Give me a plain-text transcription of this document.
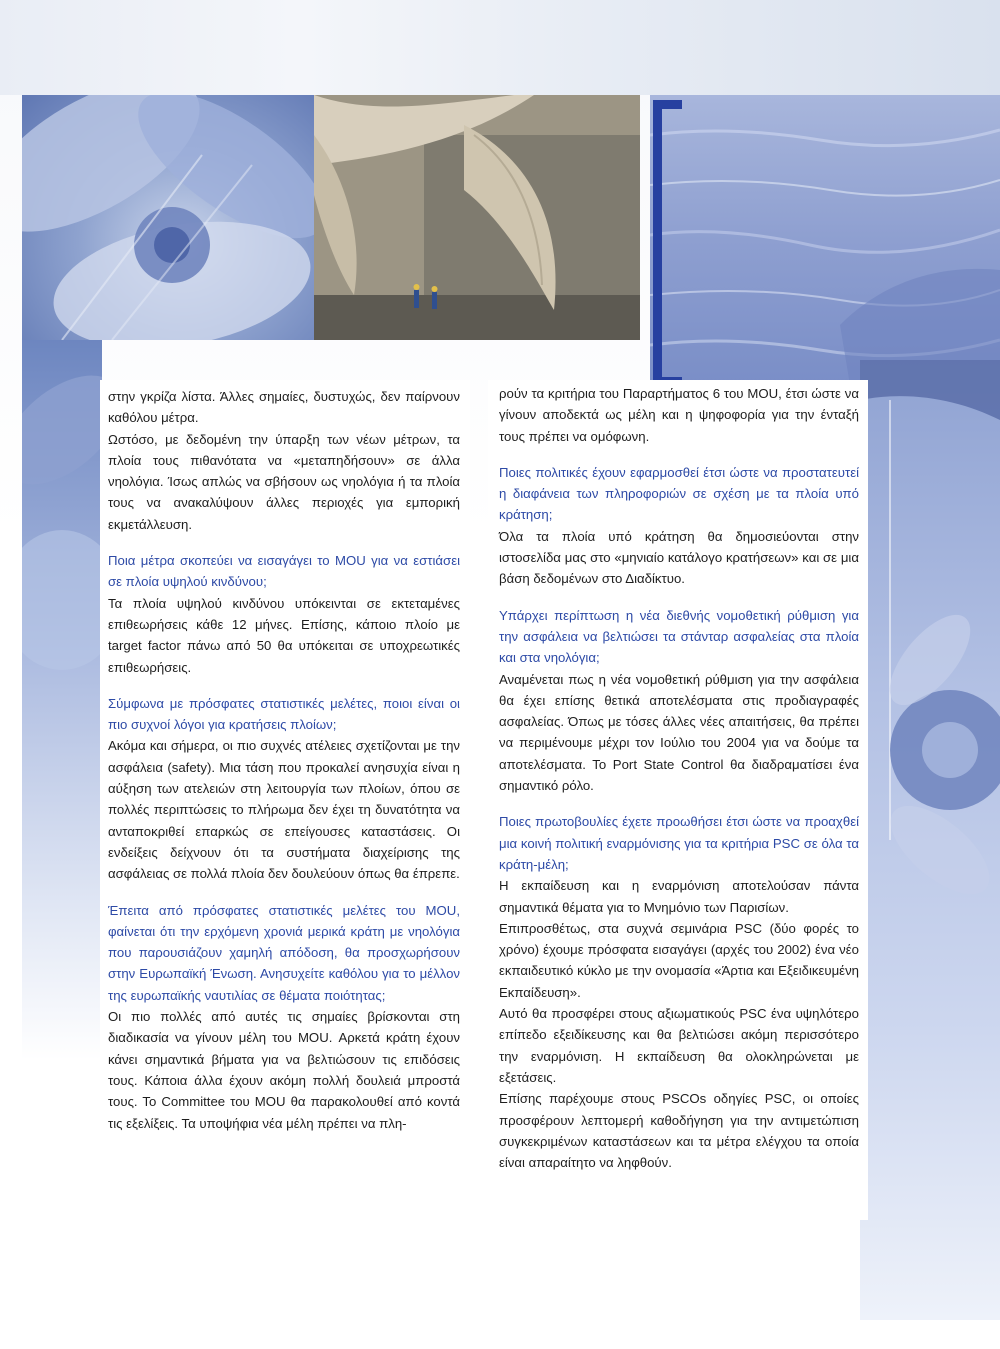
στην γκρίζα λίστα. Άλλες σημαίες, δυστυχώς, δεν παίρνουν καθόλου μέτρα.

Ωστόσο, με δεδομένη την ύπαρξη των νέων μέτρων, τα πλοία τους πιθανότατα να «μεταπηδήσουν» σε άλλα νηολόγια. Ίσως απλώς να σβήσουν ως νηολόγια ή τα πλοία τους να ανακαλύψουν άλλες περιοχές για εμπορική εκμετάλλευση.

Ποια μέτρα σκοπεύει να εισαγάγει το MOU για να εστιάσει σε πλοία υψηλού κινδύνου;

Τα πλοία υψηλού κινδύνου υπόκεινται σε εκτεταμένες επιθεωρήσεις κάθε 12 μήνες. Επίσης, κάποιο πλοίο με target factor πάνω από 50 θα υπόκειται σε υποχρεωτικές επιθεωρήσεις.

Σύμφωνα με πρόσφατες στατιστικές μελέτες, ποιοι είναι οι πιο συχνοί λόγοι για κρατήσεις πλοίων;

Ακόμα και σήμερα, οι πιο συχνές ατέλειες σχετίζονται με την ασφάλεια (safety). Μια τάση που προκαλεί ανησυχία είναι η αύξηση των ατελειών στη λειτουργία των πλοίων, όπου σε πολλές περιπτώσεις το πλήρωμα δεν έχει τη δυνατότητα να ανταποκριθεί επαρκώς σε επείγουσες καταστάσεις. Οι ενδείξεις δείχνουν ότι τα συστήματα διαχείρισης της ασφάλειας σε πολλά πλοία δεν δουλεύουν όπως θα έπρεπε.

Έπειτα από πρόσφατες στατιστικές μελέτες του MOU, φαίνεται ότι την ερχόμενη χρονιά μερικά κράτη με νηολόγια που παρουσιάζουν χαμηλή απόδοση, θα προσχωρήσουν στην Ευρωπαϊκή Ένωση. Ανησυχείτε καθόλου για το μέλλον της ευρωπαϊκής ναυτιλίας σε θέματα ποιότητας;

Οι πιο πολλές από αυτές τις σημαίες βρίσκονται στη διαδικασία να γίνουν μέλη του MOU. Αρκετά κράτη έχουν κάνει σημαντικά βήματα για να βελτιώσουν τις επιδόσεις τους. Κάποια άλλα έχουν ακόμη πολλή δουλειά μπροστά τους. Το Committee του MOU θα παρακολουθεί από κοντά τις εξελίξεις. Τα υποψήφια νέα μέλη πρέπει να πλη-

ρούν τα κριτήρια του Παραρτήματος 6 του MOU, έτσι ώστε να γίνουν αποδεκτά ως μέλη και η ψηφοφορία για την ένταξή τους πρέπει να ομόφωνη.

Ποιες πολιτικές έχουν εφαρμοσθεί έτσι ώστε να προστατευτεί η διαφάνεια των πληροφοριών σε σχέση με τα πλοία υπό κράτηση;

Όλα τα πλοία υπό κράτηση θα δημοσιεύονται στην ιστοσελίδα μας στο «μηνιαίο κατάλογο κρατήσεων» και σε μια βάση δεδομένων στο Διαδίκτυο.

Υπάρχει περίπτωση η νέα διεθνής νομοθετική ρύθμιση για την ασφάλεια να βελτιώσει τα στάνταρ ασφαλείας στα πλοία και στα νηολόγια;

Αναμένεται πως η νέα νομοθετική ρύθμιση για την ασφάλεια θα έχει επίσης θετικά αποτελέσματα στις προδιαγραφές ασφαλείας. Όπως με τόσες άλλες νέες απαιτήσεις, θα πρέπει να περιμένουμε μέχρι τον Ιούλιο του 2004 για να δούμε τα αποτελέσματα. Το Port State Control θα διαδραματίσει ένα σημαντικό ρόλο.

Ποιες πρωτοβουλίες έχετε προωθήσει έτσι ώστε να προαχθεί μια κοινή πολιτική εναρμόνισης για τα κριτήρια PSC σε όλα τα κράτη-μέλη;

Η εκπαίδευση και η εναρμόνιση αποτελούσαν πάντα σημαντικά θέματα για το Μνημόνιο των Παρισίων.

Επιπροσθέτως, στα συχνά σεμινάρια PSC (δύο φορές το χρόνο) έχουμε πρόσφατα εισαγάγει (αρχές του 2002) ένα νέο εκπαιδευτικό κύκλο με την ονομασία «Άρτια και Εξειδικευμένη Εκπαίδευση».

Αυτό θα προσφέρει στους αξιωματικούς PSC ένα υψηλότερο επίπεδο εξειδίκευσης και θα βελτιώσει ακόμη περισσότερο την εναρμόνιση. Η εκπαίδευση θα ολοκληρώνεται με εξετάσεις.

Επίσης παρέχουμε στους PSCOs οδηγίες PSC, οι οποίες προσφέρουν λεπτομερή καθοδήγηση για την αντιμετώπιση συγκεκριμένων καταστάσεων και τα μέτρα ελέγχου τα οποία είναι απαραίτητο να ληφθούν.
